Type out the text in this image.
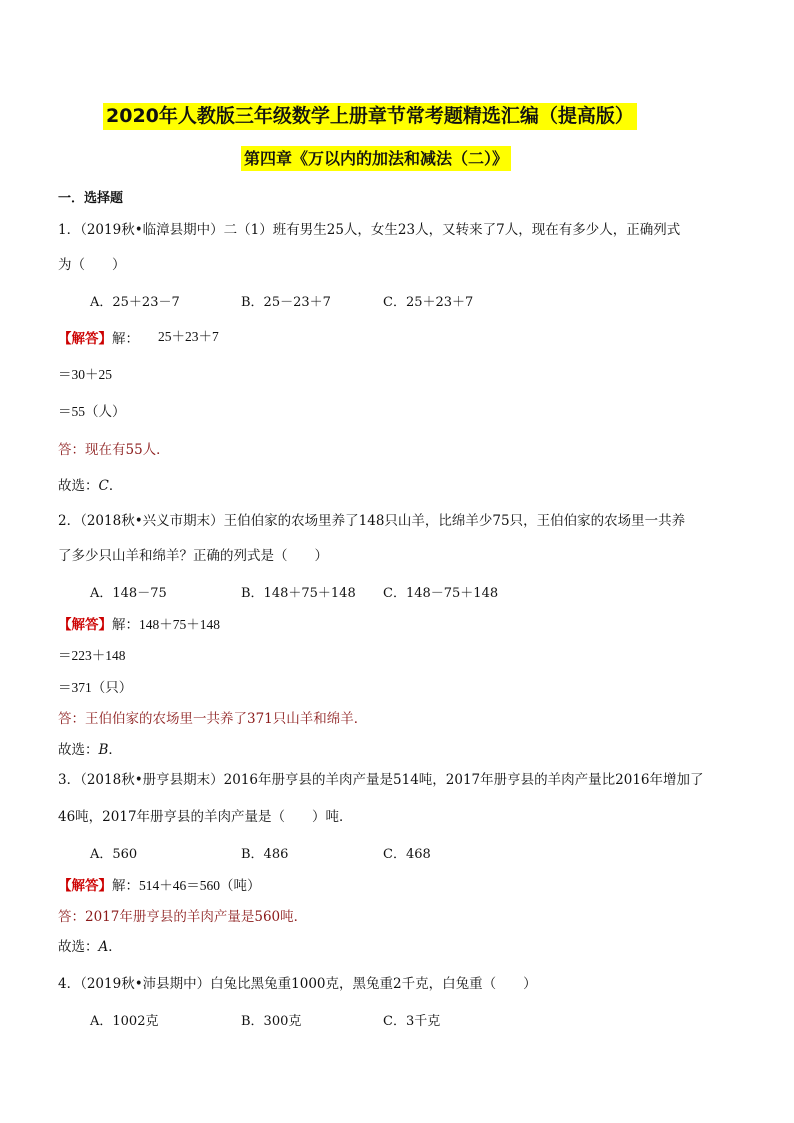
2020年人教版三年级数学上册章节常考题精选汇编（提高版）
第四章《万以内的加法和减法（二）》
一．选择题
1．（2019秋•临漳县期中）二（1）班有男生25人，女生23人，又转来了7人，现在有多少人，正确列式
为（　　）
A．25＋23－7	B．25－23＋7	C．25＋23＋7
【解答】解： 25＋23＋7
＝30＋25
＝55（人）
答：现在有55人．
故选：C．
2．（2018秋•兴义市期末）王伯伯家的农场里养了148只山羊，比绵羊少75只，王伯伯家的农场里一共养
了多少只山羊和绵羊？正确的列式是（　　）
A．148－75	B．148＋75＋148 C．148－75＋148
【解答】解：148＋75＋148
＝223＋148
＝371（只）
答：王伯伯家的农场里一共养了371只山羊和绵羊．
故选：B．
3．（2018秋•册亨县期末）2016年册亨县的羊肉产量是514吨，2017年册亨县的羊肉产量比2016年增加了
46吨，2017年册亨县的羊肉产量是（　　）吨．
A．560	B．486	C．468
【解答】解：514＋46＝560（吨）
答：2017年册亨县的羊肉产量是560吨．
故选：A．
4．（2019秋•沛县期中）白兔比黑兔重1000克，黑兔重2千克，白兔重（　　）
A．1002克	B．300克	C．3千克
